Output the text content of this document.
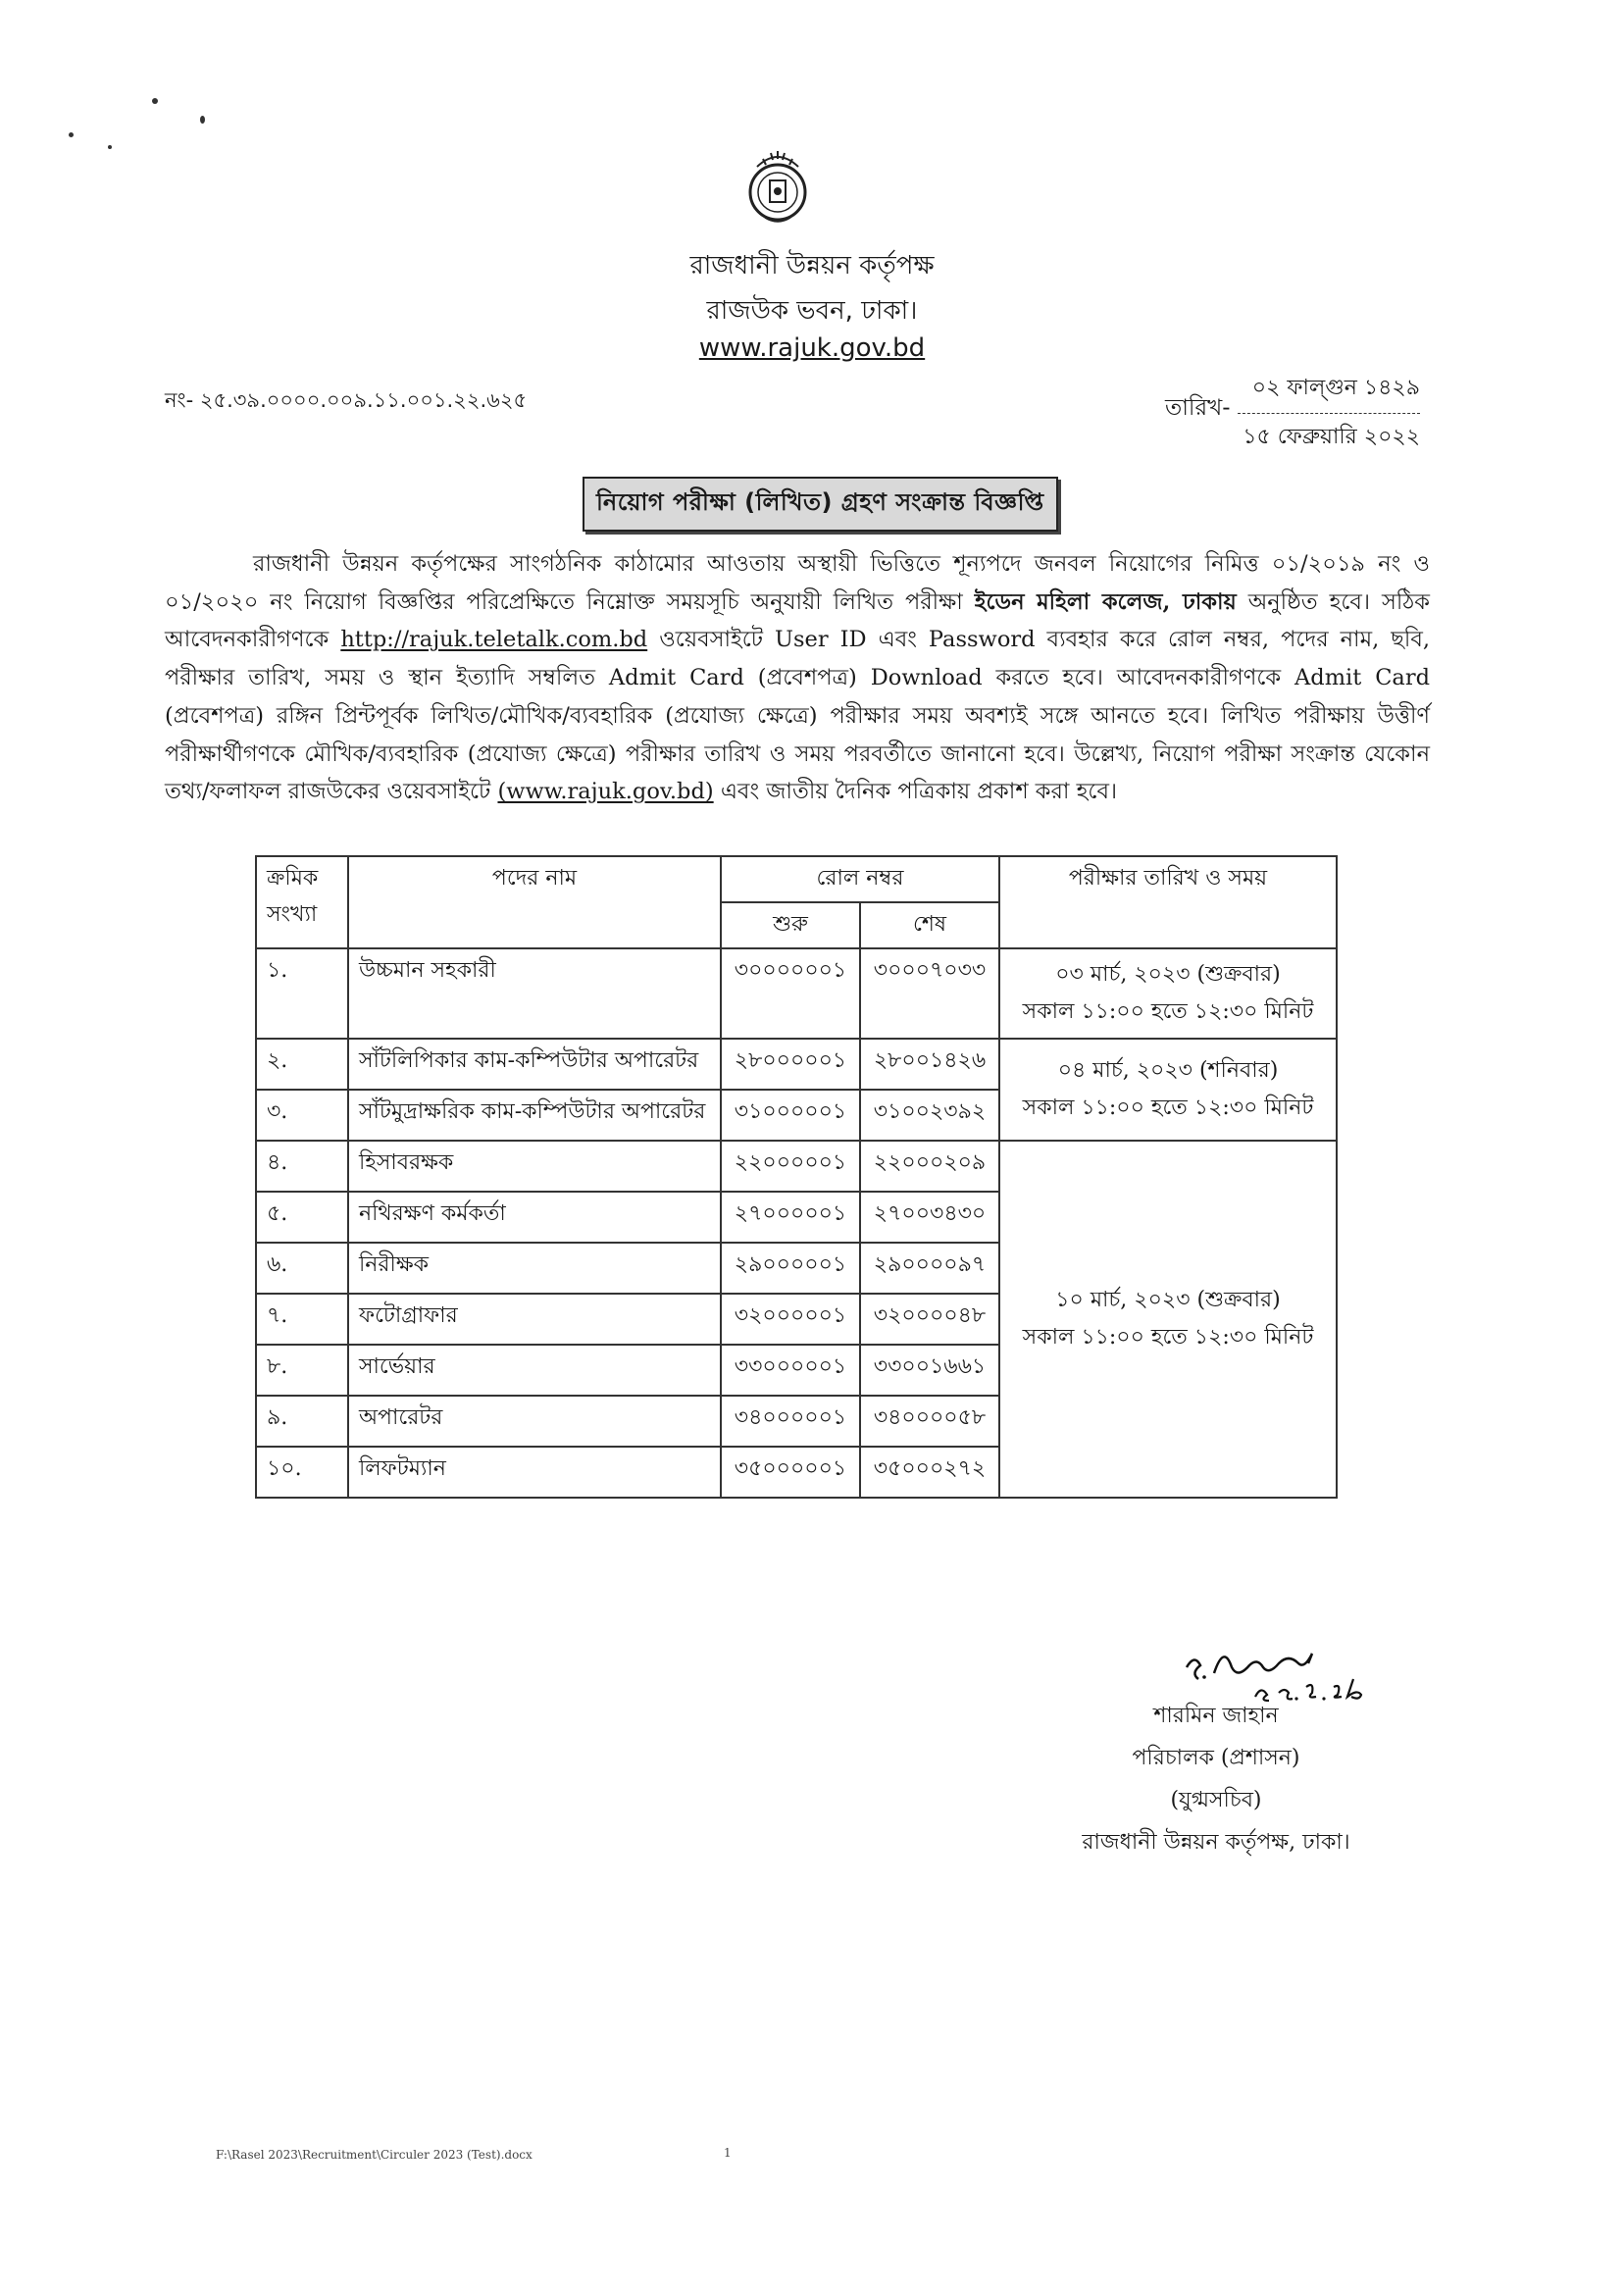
রাজধানী উন্নয়ন কর্তৃপক্ষ
রাজউক ভবন, ঢাকা।
www.rajuk.gov.bd
নং- ২৫.৩৯.০০০০.০০৯.১১.০০১.২২.৬২৫	তারিখ-
০২ ফাল্গুন ১৪২৯
১৫ ফেব্রুয়ারি ২০২২
নিয়োগ পরীক্ষা (লিখিত) গ্রহণ সংক্রান্ত বিজ্ঞপ্তি
রাজধানী উন্নয়ন কর্তৃপক্ষের সাংগঠনিক কাঠামোর আওতায় অস্থায়ী ভিত্তিতে শূন্যপদে জনবল নিয়োগের নিমিত্ত ০১/২০১৯ নং ও ০১/২০২০ নং নিয়োগ বিজ্ঞপ্তির পরিপ্রেক্ষিতে নিম্নোক্ত সময়সূচি অনুযায়ী লিখিত পরীক্ষা ইডেন মহিলা কলেজ, ঢাকায় অনুষ্ঠিত হবে। সঠিক আবেদনকারীগণকে http://rajuk.teletalk.com.bd ওয়েবসাইটে User ID এবং Password ব্যবহার করে রোল নম্বর, পদের নাম, ছবি, পরীক্ষার তারিখ, সময় ও স্থান ইত্যাদি সম্বলিত Admit Card (প্রবেশপত্র) Download করতে হবে। আবেদনকারীগণকে Admit Card (প্রবেশপত্র) রঙ্গিন প্রিন্টপূর্বক লিখিত/মৌখিক/ব্যবহারিক (প্রযোজ্য ক্ষেত্রে) পরীক্ষার সময় অবশ্যই সঙ্গে আনতে হবে। লিখিত পরীক্ষায় উত্তীর্ণ পরীক্ষার্থীগণকে মৌখিক/ব্যবহারিক (প্রযোজ্য ক্ষেত্রে) পরীক্ষার তারিখ ও সময় পরবর্তীতে জানানো হবে। উল্লেখ্য, নিয়োগ পরীক্ষা সংক্রান্ত যেকোন তথ্য/ফলাফল রাজউকের ওয়েবসাইটে (www.rajuk.gov.bd) এবং জাতীয় দৈনিক পত্রিকায় প্রকাশ করা হবে।
ক্রমিক
সংখ্যা	পদের নাম	রোল নম্বর		পরীক্ষার তারিখ ও সময়
		শুরু	শেষ	
১.	উচ্চমান সহকারী	৩০০০০০০১	৩০০০৭০৩৩	০৩ মার্চ, ২০২৩ (শুক্রবার)
সকাল ১১:০০ হতে ১২:৩০ মিনিট

২.	সাঁটলিপিকার কাম-কম্পিউটার অপারেটর	২৮০০০০০১	২৮০০১৪২৬	০৪ মার্চ, ২০২৩ (শনিবার)
সকাল ১১:০০ হতে ১২:৩০ মিনিট

৩.	সাঁটমুদ্রাক্ষরিক কাম-কম্পিউটার অপারেটর	৩১০০০০০১	৩১০০২৩৯২	
৪.	হিসাবরক্ষক	২২০০০০০১	২২০০০২০৯	১০ মার্চ, ২০২৩ (শুক্রবার)
সকাল ১১:০০ হতে ১২:৩০ মিনিট

৫.	নথিরক্ষণ কর্মকর্তা	২৭০০০০০১	২৭০০৩৪৩০	
৬.	নিরীক্ষক	২৯০০০০০১	২৯০০০০৯৭	
৭.	ফটোগ্রাফার	৩২০০০০০১	৩২০০০০৪৮	
৮.	সার্ভেয়ার	৩৩০০০০০১	৩৩০০১৬৬১	
৯.	অপারেটর	৩৪০০০০০১	৩৪০০০০৫৮	
১০.	লিফটম্যান	৩৫০০০০০১	৩৫০০০২৭২	
শারমিন জাহান
পরিচালক (প্রশাসন)
(যুগ্মসচিব)
রাজধানী উন্নয়ন কর্তৃপক্ষ, ঢাকা।
F:\Rasel 2023\Recruitment\Circuler 2023 (Test).docx	1
